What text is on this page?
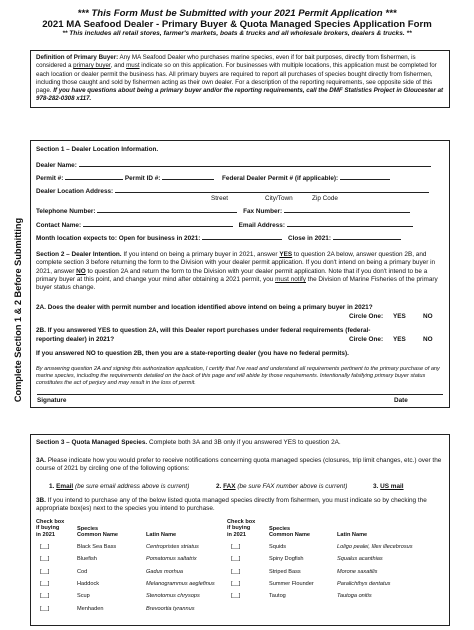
*** This Form Must be Submitted with your 2021 Permit Application ***
2021 MA Seafood Dealer - Primary Buyer & Quota Managed Species Application Form
** This includes all retail stores, farmer's markets, boats & trucks and all wholesale brokers, dealers & trucks. **
Definition of Primary Buyer: Any MA Seafood Dealer who purchases marine species, even if for bait purposes, directly from fishermen, is considered a primary buyer, and must indicate so on this application. For businesses with multiple locations, this application must be completed for each location or dealer permit the business has. All primary buyers are required to report all purchases of species bought directly from fishermen, including those caught and sold by fishermen acting as their own dealer. For a description of the reporting requirements, see opposite side of this page. If you have questions about being a primary buyer and/or the reporting requirements, call the DMF Statistics Project in Gloucester at 978-282-0308 x117.
Complete Section 1 & 2 Before Submitting
Section 1 – Dealer Location Information.
Dealer Name:
Permit #:	Permit ID #:	Federal Dealer Permit # (if applicable):
Dealer Location Address:
Street	City/Town	Zip Code
Telephone Number:	Fax Number:
Contact Name:	Email Address:
Month location expects to: Open for business in 2021:	Close in 2021:
Section 2 – Dealer Intention. If you intend on being a primary buyer in 2021, answer YES to question 2A below, answer question 2B, and complete section 3 before returning the form to the Division with your dealer permit application. If you don't intend on being a primary buyer in 2021, answer NO to question 2A and return the form to the Division with your dealer permit application. Note that if you don't intend to be a primary buyer at this point, and change your mind after obtaining a 2021 permit, you must notify the Division of Marine Fisheries of the primary buyer status change.
2A. Does the dealer with permit number and location identified above intend on being a primary buyer in 2021?
Circle One: YES	NO
2B. If you answered YES to question 2A, will this Dealer report purchases under federal requirements (federal-
reporting dealer) in 2021?	Circle One: YES	NO
If you answered NO to question 2B, then you are a state-reporting dealer (you have no federal permits).
By answering question 2A and signing this authorization application, I certify that I've read and understand all requirements pertinent to the primary purchase of any marine species, including the requirements detailed on the back of this page and will abide by those requirements. Intentionally falsifying primary buyer status constitutes the act of perjury and may result in the loss of permit.
Signature	Date
Section 3 – Quota Managed Species. Complete both 3A and 3B only if you answered YES to question 2A.
3A. Please indicate how you would prefer to receive notifications concerning quota managed species (closures, trip limit changes, etc.) over the course of 2021 by circling one of the following options:
1. Email (be sure email address above is current)	2. FAX (be sure FAX number above is current)	3. US mail
3B. If you intend to purchase any of the below listed quota managed species directly from fishermen, you must indicate so by checking the appropriate box(es) next to the species you intend to purchase.
Check box
if buying
in 2021
Species
Common Name	Latin Name
Check box
if buying
in 2021
Species
Common Name	Latin Name
[__]	Black Sea Bass	Centropristes striatus
[__]	Bluefish	Pomatomus saltatrix
[__]	Cod	Gadus morhua
[__]	Haddock	Melanogrammus aeglefinus
[__]	Scup	Stenotomus chrysops
[__]	Menhaden	Brevoortia tyrannus
[__]	Squids	Loligo pealei, Illex illecebrosus
[__]	Spiny Dogfish	Squalus acanthias
[__]	Striped Bass	Morone saxatilis
[__]	Summer Flounder	Paralichthys dentatus
[__]	Tautog	Tautoga onitis
